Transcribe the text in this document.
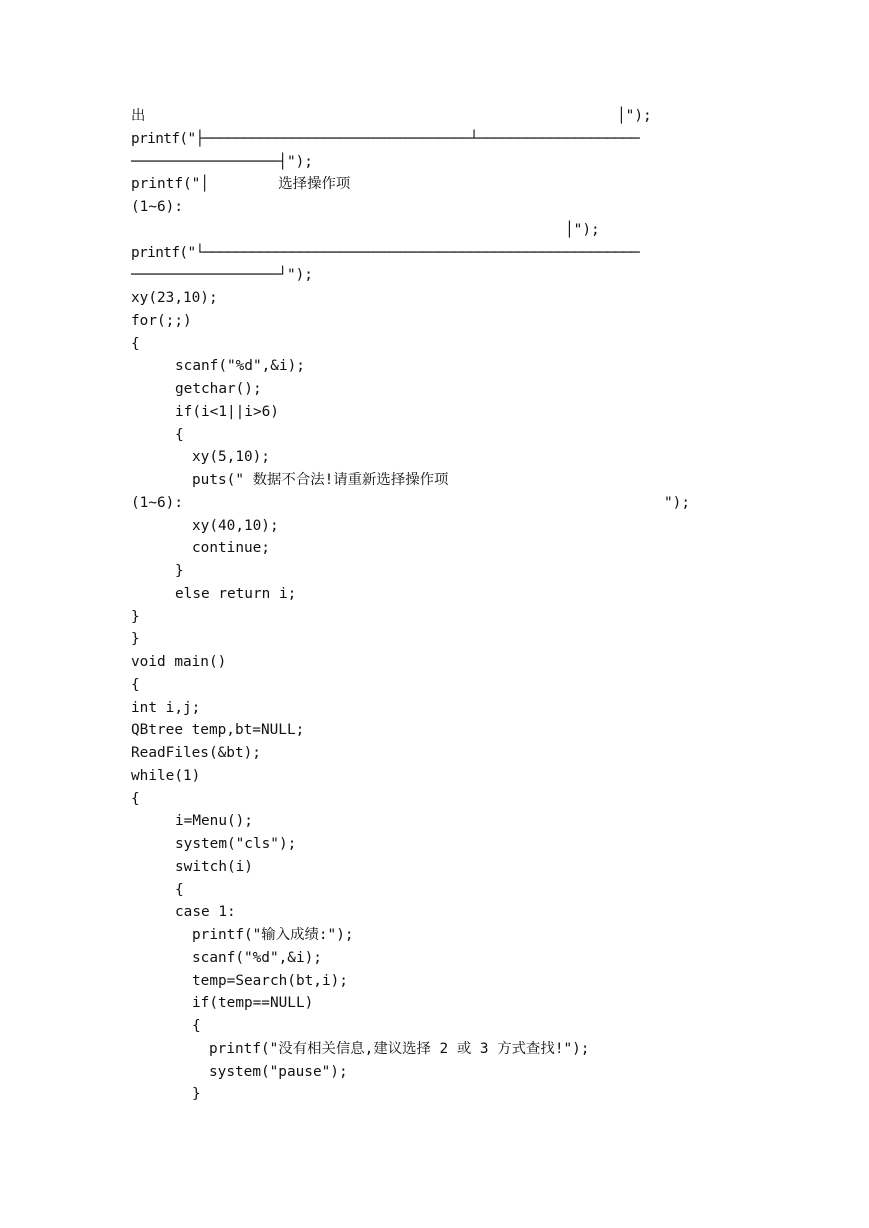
出	│");
printf("├─────────────────────────────────┴────────────────────
─────────────────┤");
printf("│        选择操作项
(1~6):
│");
printf("└──────────────────────────────────────────────────────
─────────────────┘");
xy(23,10);
for(;;)
{
scanf("%d",&i);
getchar();
if(i<1||i>6)
{
xy(5,10);
puts(" 数据不合法!请重新选择操作项
(1~6):	");
xy(40,10);
continue;
}
else return i;
}
}
void main()
{
int i,j;
QBtree temp,bt=NULL;
ReadFiles(&bt);
while(1)
{
i=Menu();
system("cls");
switch(i)
{
case 1:
printf("输入成绩:");
scanf("%d",&i);
temp=Search(bt,i);
if(temp==NULL)
{
printf("没有相关信息,建议选择 2 或 3 方式查找!");
system("pause");
}
